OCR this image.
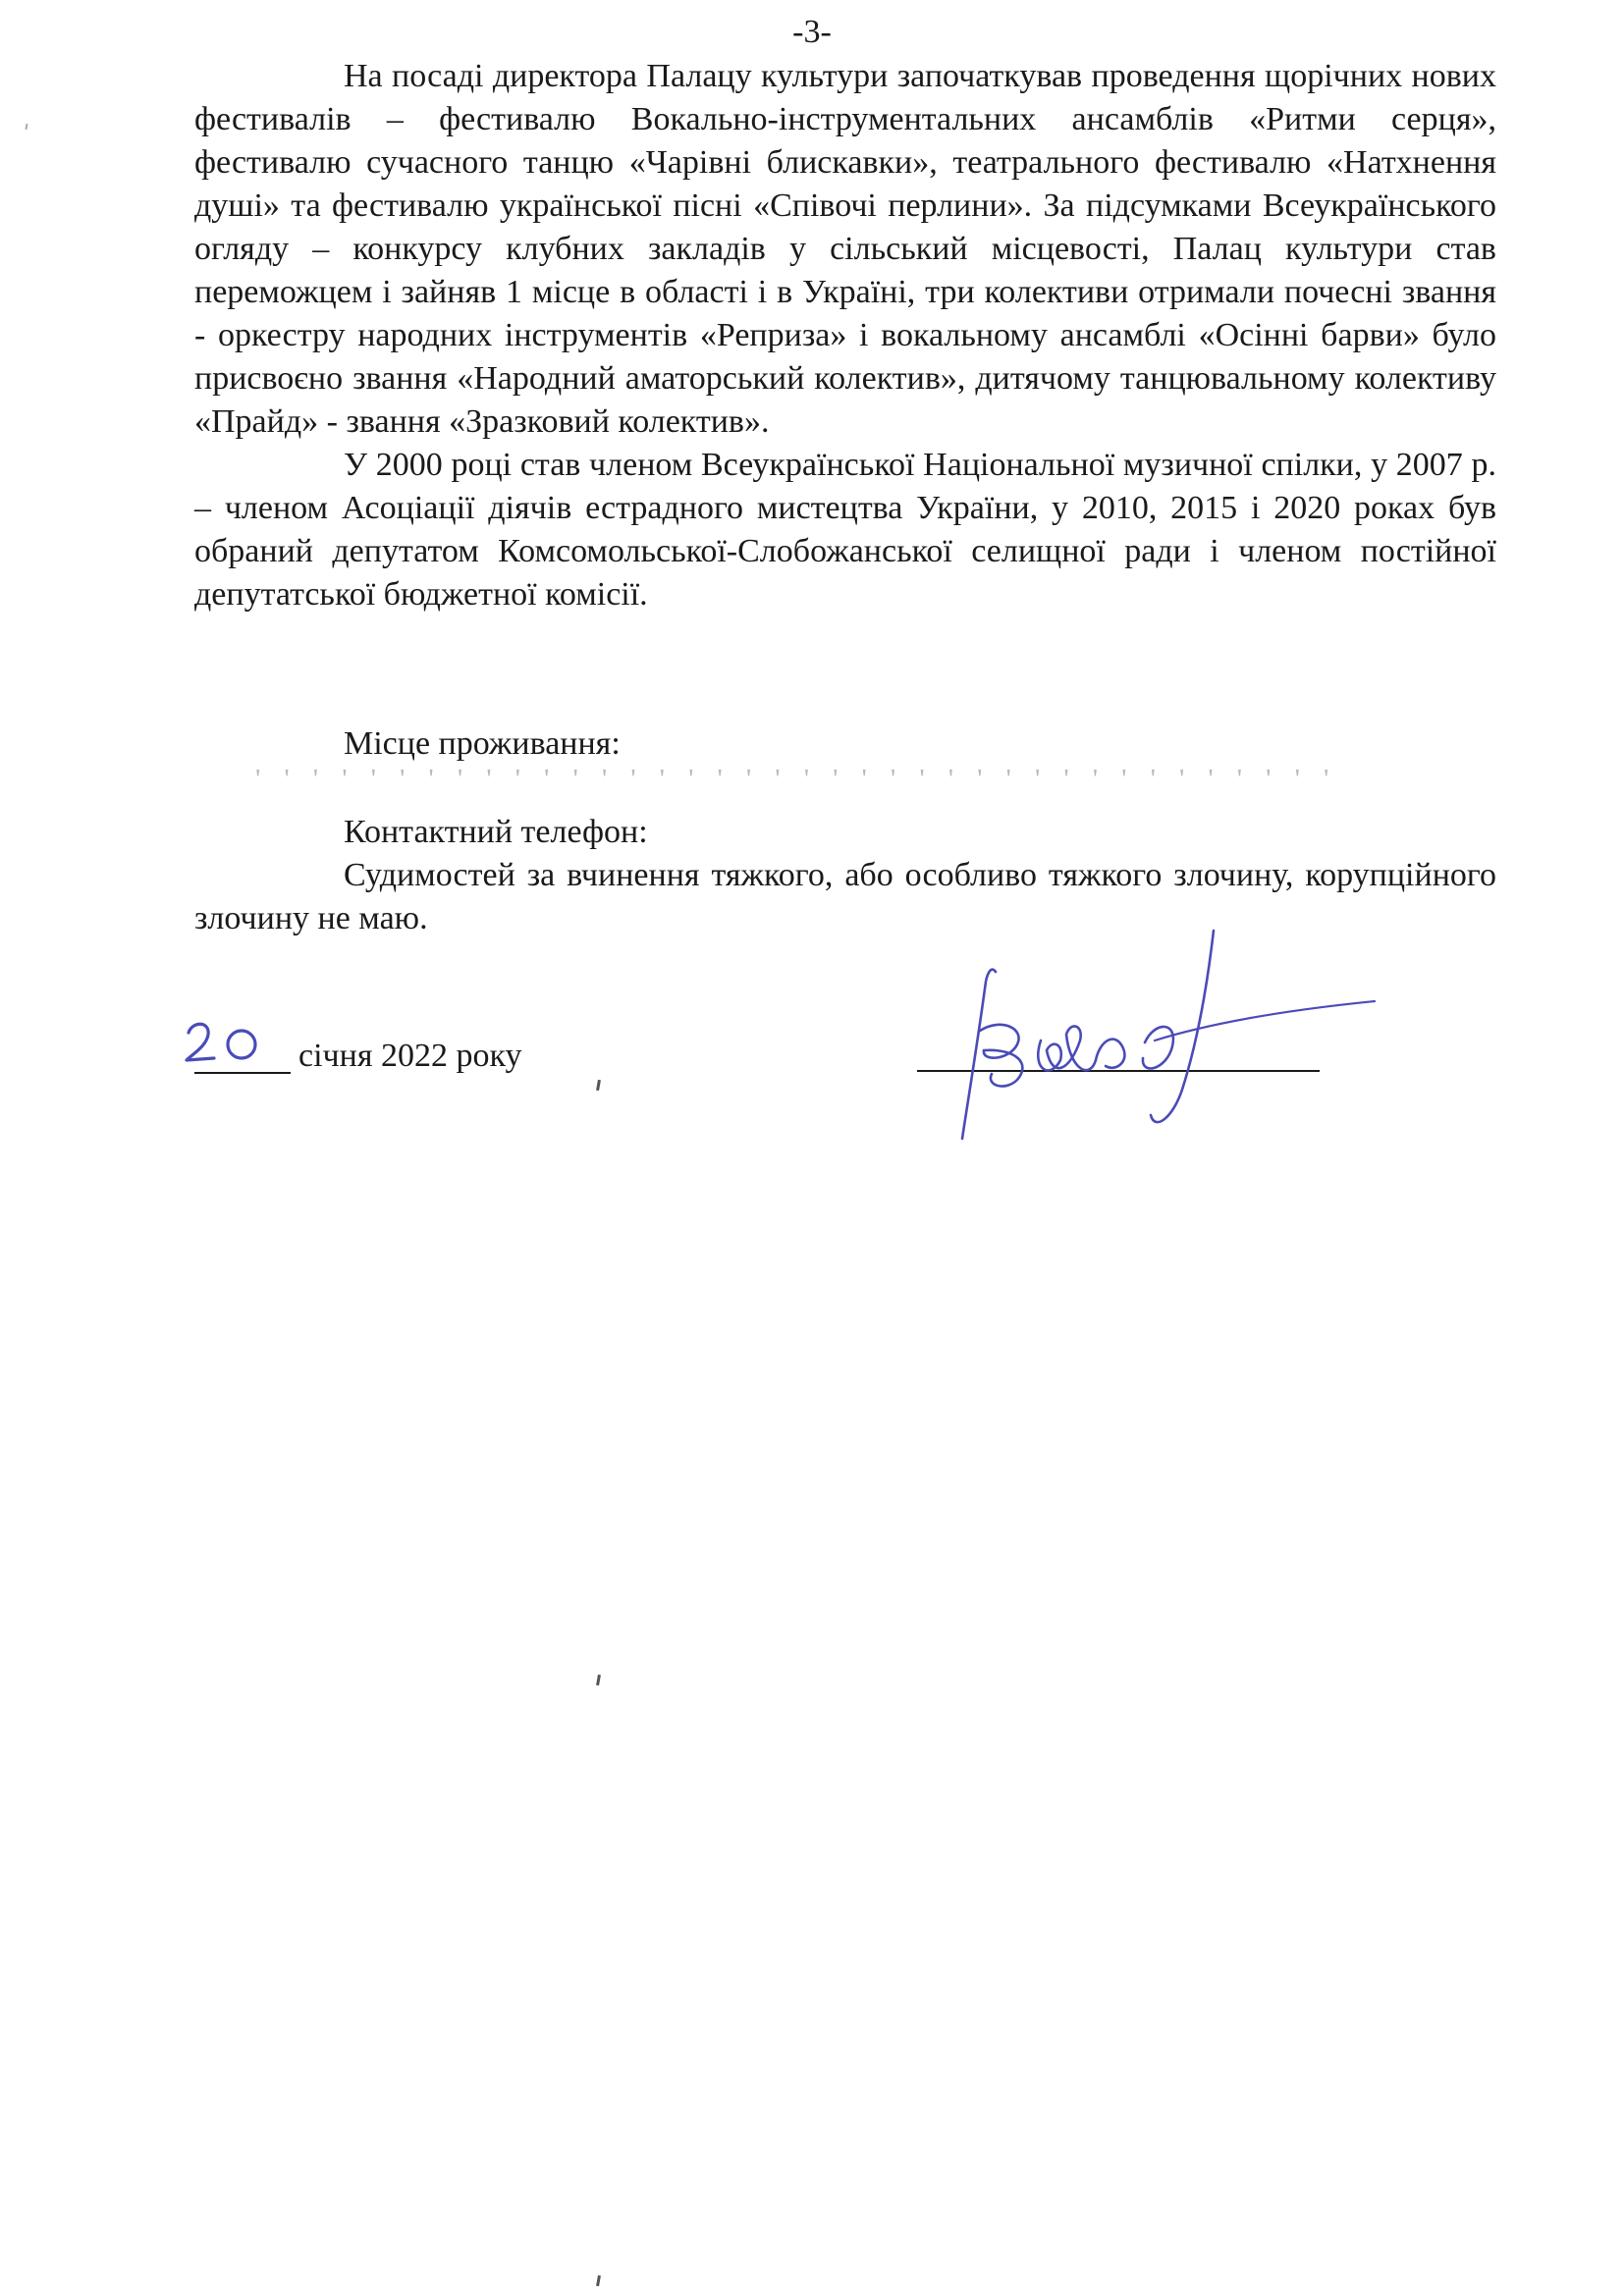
-3-

На посаді директора Палацу культури започаткував проведення щорічних нових фестивалів – фестивалю Вокально-інструментальних ансамблів «Ритми серця», фестивалю сучасного танцю «Чарівні блискавки», театрального фестивалю «Натхнення душі» та фестивалю української пісні «Співочі перлини». За підсумками Всеукраїнського огляду – конкурсу клубних закладів у сільський місцевості, Палац культури став переможцем і зайняв 1 місце в області і в Україні, три колективи отримали почесні звання - оркестру народних інструментів «Реприза» і вокальному ансамблі «Осінні барви» було присвоєно звання «Народний аматорський колектив», дитячому танцювальному колективу «Прайд» - звання «Зразковий колектив».

У 2000 році став членом Всеукраїнської Національної музичної спілки, у 2007 р. – членом Асоціації діячів естрадного мистецтва України, у 2010, 2015 і 2020 роках був обраний депутатом Комсомольської-Слобожанської селищної ради і членом постійної депутатської бюджетної комісії.

Місце проживання:
''''''''''''''''''''''''''''''''''''''
Контактний телефон:

Судимостей за вчинення тяжкого, або особливо тяжкого злочину, корупційного злочину не маю.

січня 2022 року
